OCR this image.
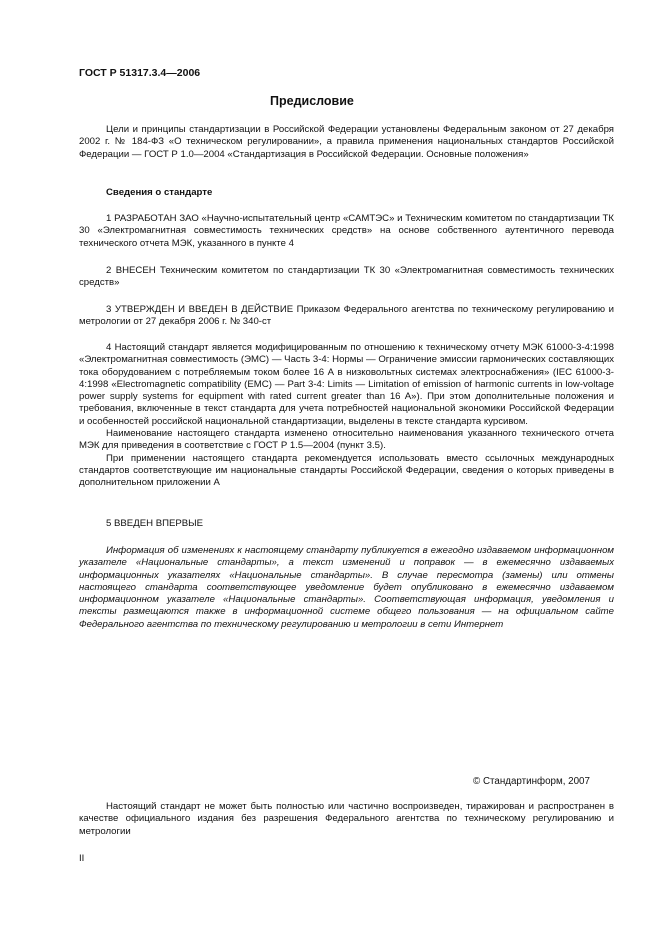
ГОСТ Р 51317.3.4—2006
Предисловие

Цели и принципы стандартизации в Российской Федерации установлены Федеральным законом от 27 декабря 2002 г. № 184-ФЗ «О техническом регулировании», а правила применения национальных стандартов Российской Федерации — ГОСТ Р 1.0—2004 «Стандартизация в Российской Федерации. Основные положения»

Сведения о стандарте

1 РАЗРАБОТАН ЗАО «Научно-испытательный центр «САМТЭС» и Техническим комитетом по стандартизации ТК 30 «Электромагнитная совместимость технических средств» на основе собственного аутентичного перевода технического отчета МЭК, указанного в пункте 4

2 ВНЕСЕН Техническим комитетом по стандартизации ТК 30 «Электромагнитная совместимость технических средств»

3 УТВЕРЖДЕН И ВВЕДЕН В ДЕЙСТВИЕ Приказом Федерального агентства по техническому регулированию и метрологии от 27 декабря 2006 г. № 340-ст

4 Настоящий стандарт является модифицированным по отношению к техническому отчету МЭК 61000-3-4:1998 «Электромагнитная совместимость (ЭМС) — Часть 3-4: Нормы — Ограничение эмиссии гармонических составляющих тока оборудованием с потребляемым током более 16 А в низковольтных системах электроснабжения» (IEC 61000-3-4:1998 «Electromagnetic compatibility (EMC) — Part 3-4: Limits — Limitation of emission of harmonic currents in low-voltage power supply systems for equipment with rated current greater than 16 A»). При этом дополнительные положения и требования, включенные в текст стандарта для учета потребностей национальной экономики Российской Федерации и особенностей российской национальной стандартизации, выделены в тексте стандарта курсивом.

Наименование настоящего стандарта изменено относительно наименования указанного технического отчета МЭК для приведения в соответствие с ГОСТ Р 1.5—2004 (пункт 3.5).

При применении настоящего стандарта рекомендуется использовать вместо ссылочных международных стандартов соответствующие им национальные стандарты Российской Федерации, сведения о которых приведены в дополнительном приложении А

5 ВВЕДЕН ВПЕРВЫЕ

Информация об изменениях к настоящему стандарту публикуется в ежегодно издаваемом информационном указателе «Национальные стандарты», а текст изменений и поправок — в ежемесячно издаваемых информационных указателях «Национальные стандарты». В случае пересмотра (замены) или отмены настоящего стандарта соответствующее уведомление будет опубликовано в ежемесячно издаваемом информационном указателе «Национальные стандарты». Соответствующая информация, уведомления и тексты размещаются также в информационной системе общего пользования — на официальном сайте Федерального агентства по техническому регулированию и метрологии в сети Интернет

© Стандартинформ, 2007

Настоящий стандарт не может быть полностью или частично воспроизведен, тиражирован и распространен в качестве официального издания без разрешения Федерального агентства по техническому регулированию и метрологии

II
